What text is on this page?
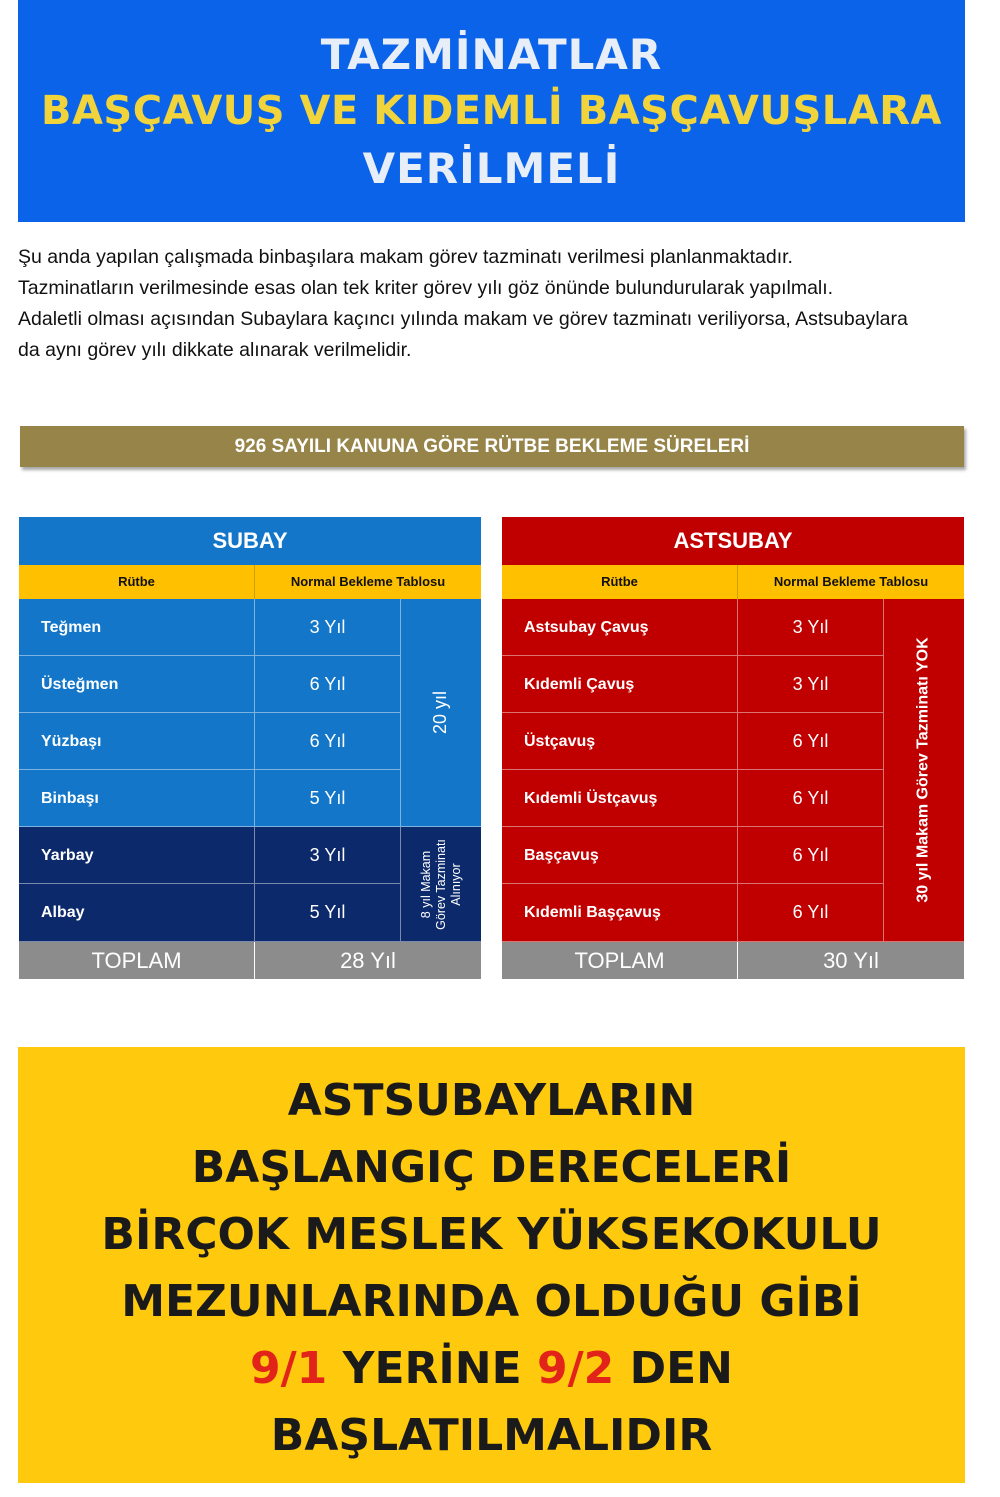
TAZMİNATLAR
BAŞÇAVUŞ VE KIDEMLİ BAŞÇAVUŞLARA
VERİLMELİ
Şu anda yapılan çalışmada binbaşılara makam görev tazminatı verilmesi planlanmaktadır.
Tazminatların verilmesinde esas olan tek kriter görev yılı göz önünde bulundurularak yapılmalı.
Adaletli olması açısından Subaylara kaçıncı yılında makam ve görev tazminatı veriliyorsa, Astsubaylara
da aynı görev yılı dikkate alınarak verilmelidir.
926 SAYILI KANUNA GÖRE RÜTBE BEKLEME SÜRELERİ
SUBAY
Rütbe	Normal Bekleme Tablosu
Teğmen	3 Yıl
Üsteğmen	6 Yıl
Yüzbaşı	6 Yıl
Binbaşı	5 Yıl
Yarbay	3 Yıl
Albay	5 Yıl
20 yıl
8 yıl Makam Görev Tazminatı Alınıyor
TOPLAM	28 Yıl
ASTSUBAY
Rütbe	Normal Bekleme Tablosu
Astsubay Çavuş	3 Yıl
Kıdemli Çavuş	3 Yıl
Üstçavuş	6 Yıl
Kıdemli Üstçavuş	6 Yıl
Başçavuş	6 Yıl
Kıdemli Başçavuş	6 Yıl
30 yıl Makam Görev Tazminatı YOK
TOPLAM	30 Yıl
ASTSUBAYLARIN
BAŞLANGIÇ DERECELERİ
BİRÇOK MESLEK YÜKSEKOKULU
MEZUNLARINDA OLDUĞU GİBİ
9/1 YERİNE 9/2 DEN
BAŞLATILMALIDIR
